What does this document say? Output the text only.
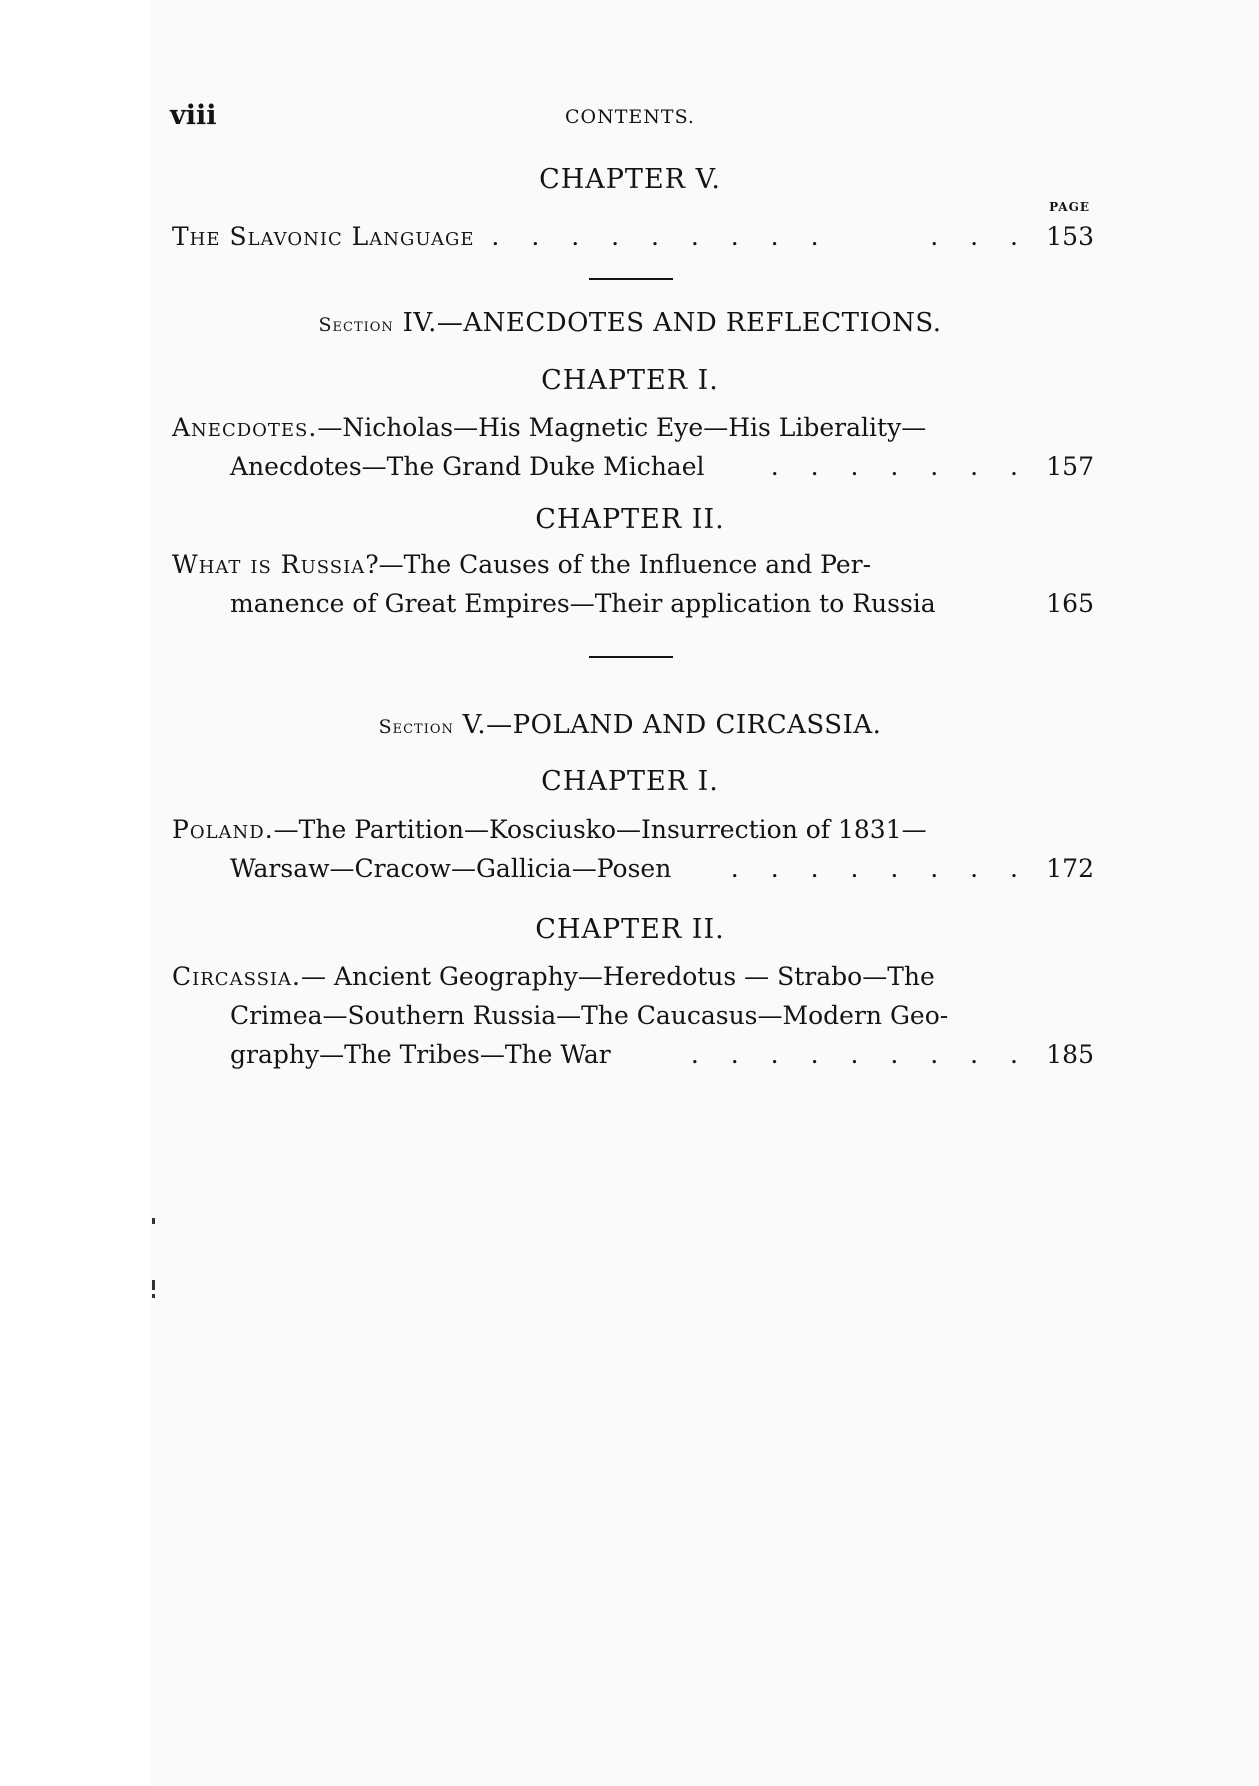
viii	CONTENTS.
CHAPTER V.
PAGE
The Slavonic Language . . . . . . . . .     . . . 153
Section IV.—ANECDOTES AND REFLECTIONS.
CHAPTER I.
Anecdotes.—Nicholas—His Magnetic Eye—His Liberality—
Anecdotes—The Grand Duke Michael	. . . . . . . 157
CHAPTER II.
What is Russia?—The Causes of the Influence and Per-
manence of Great Empires—Their application to Russia	165
Section V.—POLAND AND CIRCASSIA.
CHAPTER I.
Poland.—The Partition—Kosciusko—Insurrection of 1831—
Warsaw—Cracow—Gallicia—Posen . . . . . . . . 172
CHAPTER II.
Circassia.— Ancient Geography—Heredotus — Strabo—The
Crimea—Southern Russia—The Caucasus—Modern Geo-
graphy—The Tribes—The War	. . . . . . . . . 185
